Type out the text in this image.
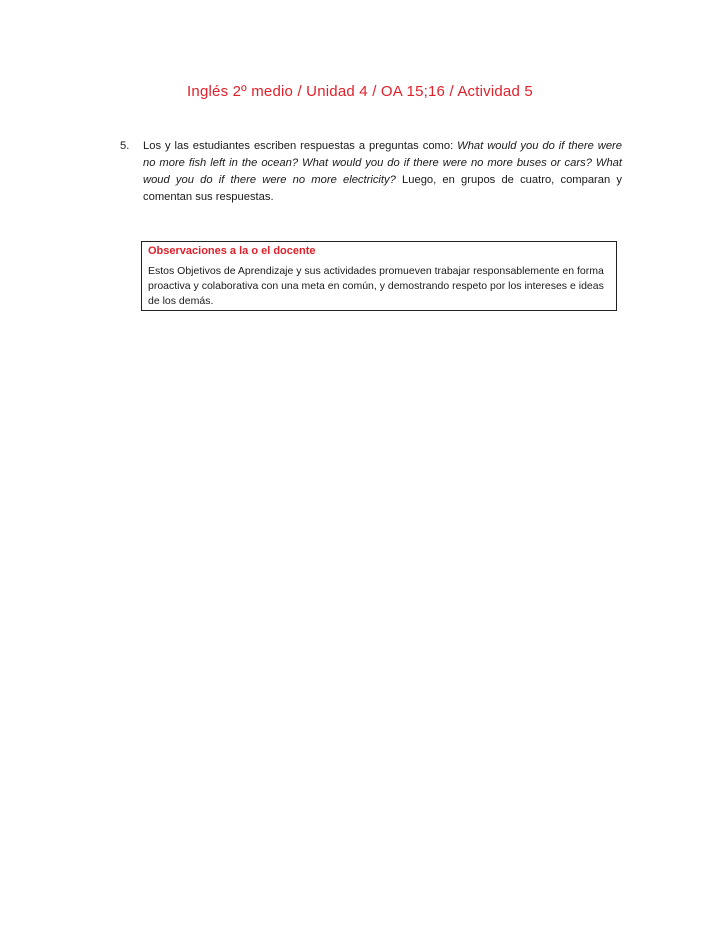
Inglés 2º medio / Unidad 4 / OA 15;16 / Actividad 5
5. Los y las estudiantes escriben respuestas a preguntas como: What would you do if there were no more fish left in the ocean? What would you do if there were no more buses or cars? What woud you do if there were no more electricity? Luego, en grupos de cuatro, comparan y comentan sus respuestas.
Observaciones a la o el docente
Estos Objetivos de Aprendizaje y sus actividades promueven trabajar responsablemente en forma proactiva y colaborativa con una meta en común, y demostrando respeto por los intereses e ideas de los demás.
